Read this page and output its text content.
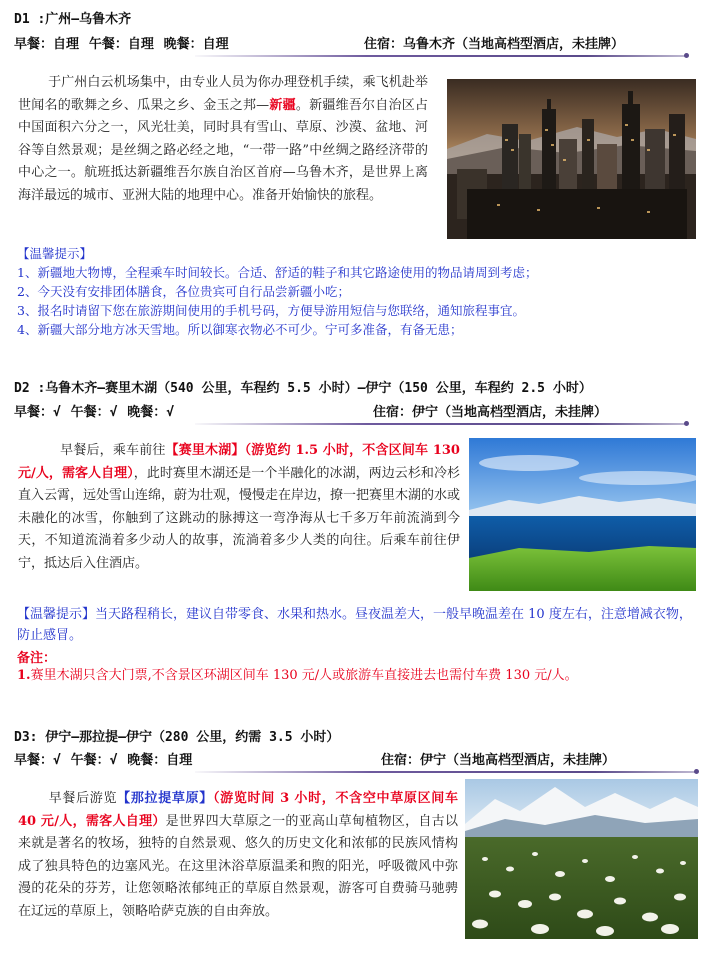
D1 :广州—乌鲁木齐
早餐：自理 午餐：自理 晚餐：自理	住宿：乌鲁木齐（当地高档型酒店，未挂牌）
于广州白云机场集中，由专业人员为你办理登机手续，乘飞机赴举世闻名的歌舞之乡、瓜果之乡、金玉之邦—新疆。新疆维吾尔自治区占中国面积六分之一，风光壮美，同时具有雪山、草原、沙漠、盆地、河谷等自然景观；是丝绸之路必经之地，“一带一路”中丝绸之路经济带的中心之一。航班抵达新疆维吾尔族自治区首府—乌鲁木齐，是世界上离海洋最远的城市、亚洲大陆的地理中心。准备开始愉快的旅程。
【温馨提示】
1、新疆地大物博，全程乘车时间较长。合适、舒适的鞋子和其它路途使用的物品请周到考虑；
2、今天没有安排团体膳食，各位贵宾可自行品尝新疆小吃；
3、报名时请留下您在旅游期间使用的手机号码，方便导游用短信与您联络，通知旅程事宜。
4、新疆大部分地方冰天雪地。所以御寒衣物必不可少。宁可多准备，有备无患；
D2 :乌鲁木齐—赛里木湖（540 公里，车程约 5.5 小时）—伊宁（150 公里，车程约 2.5 小时）
早餐：√ 午餐：√ 晚餐：√	住宿：伊宁（当地高档型酒店，未挂牌）
早餐后，乘车前往【赛里木湖】（游览约 1.5 小时，不含区间车 130 元/人，需客人自理），此时赛里木湖还是一个半融化的冰湖，两边云杉和冷杉直入云霄，远处雪山连绵，蔚为壮观，慢慢走在岸边，撩一把赛里木湖的水或未融化的冰雪，你触到了这跳动的脉搏这一弯净海从七千多万年前流淌到今天，不知道流淌着多少动人的故事，流淌着多少人类的向往。后乘车前往伊宁，抵达后入住酒店。
【温馨提示】当天路程稍长，建议自带零食、水果和热水。昼夜温差大，一般早晚温差在 10 度左右，注意增减衣物，防止感冒。
备注：
1.赛里木湖只含大门票,不含景区环湖区间车 130 元/人或旅游车直接进去也需付车费 130 元/人。
D3: 伊宁—那拉提—伊宁（280 公里，约需 3.5 小时）
早餐：√ 午餐：√ 晚餐：自理	住宿：伊宁（当地高档型酒店，未挂牌）
早餐后游览【那拉提草原】（游览时间 3 小时，不含空中草原区间车 40 元/人，需客人自理）是世界四大草原之一的亚高山草甸植物区，自古以来就是著名的牧场，独特的自然景观、悠久的历史文化和浓郁的民族风情构成了独具特色的边塞风光。在这里沐浴草原温柔和煦的阳光，呼吸微风中弥漫的花朵的芬芳，让您领略浓郁纯正的草原自然景观，游客可自费骑马驰骋在辽远的草原上，领略哈萨克族的自由奔放。
